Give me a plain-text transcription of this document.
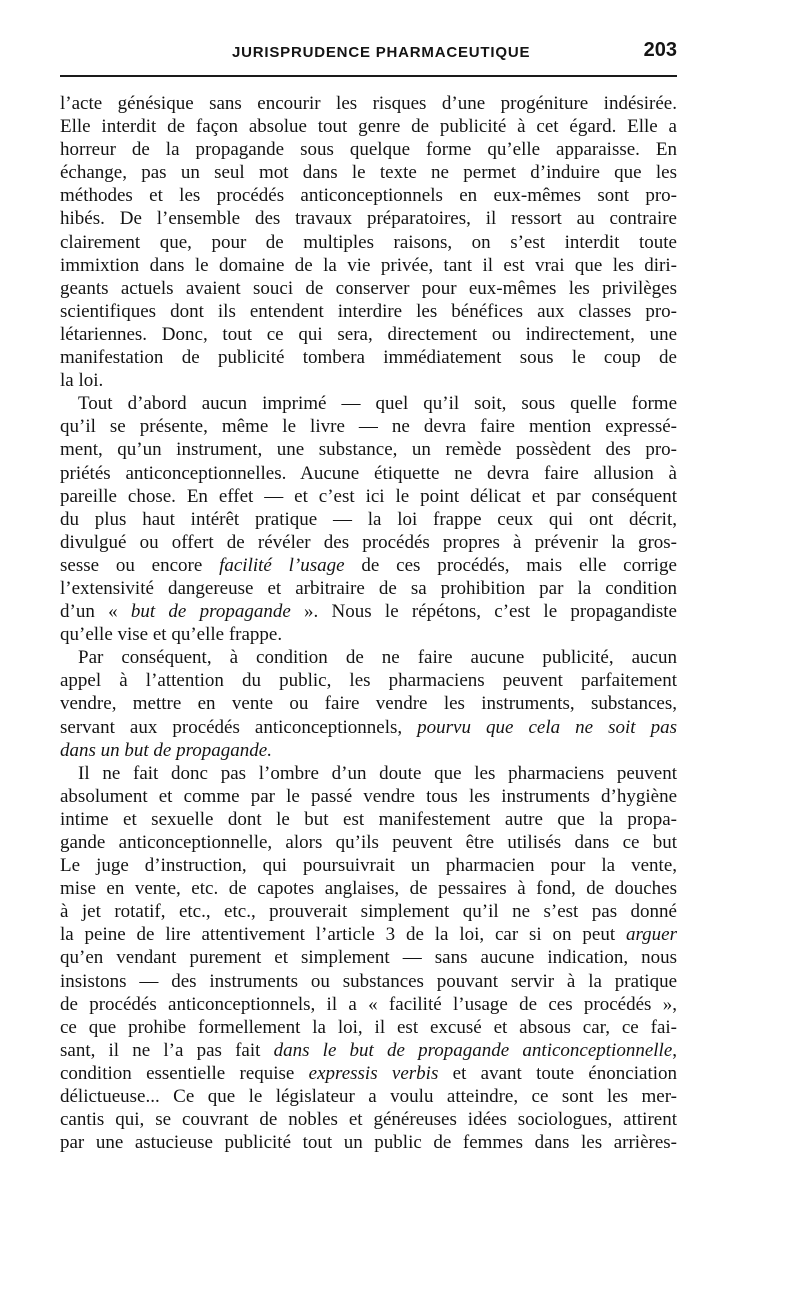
JURISPRUDENCE PHARMACEUTIQUE	203
l’acte génésique sans encourir les risques d’une progéniture indésirée.
Elle interdit de façon absolue tout genre de publicité à cet égard. Elle a
horreur de la propagande sous quelque forme qu’elle apparaisse. En
échange, pas un seul mot dans le texte ne permet d’induire que les
méthodes et les procédés anticonceptionnels en eux-mêmes sont pro-
hibés. De l’ensemble des travaux préparatoires, il ressort au contraire
clairement que, pour de multiples raisons, on s’est interdit toute
immixtion dans le domaine de la vie privée, tant il est vrai que les diri-
geants actuels avaient souci de conserver pour eux-mêmes les privilèges
scientifiques dont ils entendent interdire les bénéfices aux classes pro-
létariennes. Donc, tout ce qui sera, directement ou indirectement, une
manifestation de publicité tombera immédiatement sous le coup de
la loi.
Tout d’abord aucun imprimé — quel qu’il soit, sous quelle forme
qu’il se présente, même le livre — ne devra faire mention expressé-
ment, qu’un instrument, une substance, un remède possèdent des pro-
priétés anticonceptionnelles. Aucune étiquette ne devra faire allusion à
pareille chose. En effet — et c’est ici le point délicat et par conséquent
du plus haut intérêt pratique — la loi frappe ceux qui ont décrit,
divulgué ou offert de révéler des procédés propres à prévenir la gros-
sesse ou encore facilité l’usage de ces procédés, mais elle corrige
l’extensivité dangereuse et arbitraire de sa prohibition par la condition
d’un « but de propagande ». Nous le répétons, c’est le propagandiste
qu’elle vise et qu’elle frappe.
Par conséquent, à condition de ne faire aucune publicité, aucun
appel à l’attention du public, les pharmaciens peuvent parfaitement
vendre, mettre en vente ou faire vendre les instruments, substances,
servant aux procédés anticonceptionnels, pourvu que cela ne soit pas
dans un but de propagande.
Il ne fait donc pas l’ombre d’un doute que les pharmaciens peuvent
absolument et comme par le passé vendre tous les instruments d’hygiène
intime et sexuelle dont le but est manifestement autre que la propa-
gande anticonceptionnelle, alors qu’ils peuvent être utilisés dans ce but
Le juge d’instruction, qui poursuivrait un pharmacien pour la vente,
mise en vente, etc. de capotes anglaises, de pessaires à fond, de douches
à jet rotatif, etc., etc., prouverait simplement qu’il ne s’est pas donné
la peine de lire attentivement l’article 3 de la loi, car si on peut arguer
qu’en vendant purement et simplement — sans aucune indication, nous
insistons — des instruments ou substances pouvant servir à la pratique
de procédés anticonceptionnels, il a « facilité l’usage de ces procédés »,
ce que prohibe formellement la loi, il est excusé et absous car, ce fai-
sant, il ne l’a pas fait dans le but de propagande anticonceptionnelle,
condition essentielle requise expressis verbis et avant toute énonciation
délictueuse... Ce que le législateur a voulu atteindre, ce sont les mer-
cantis qui, se couvrant de nobles et généreuses idées sociologues, attirent
par une astucieuse publicité tout un public de femmes dans les arrières-
